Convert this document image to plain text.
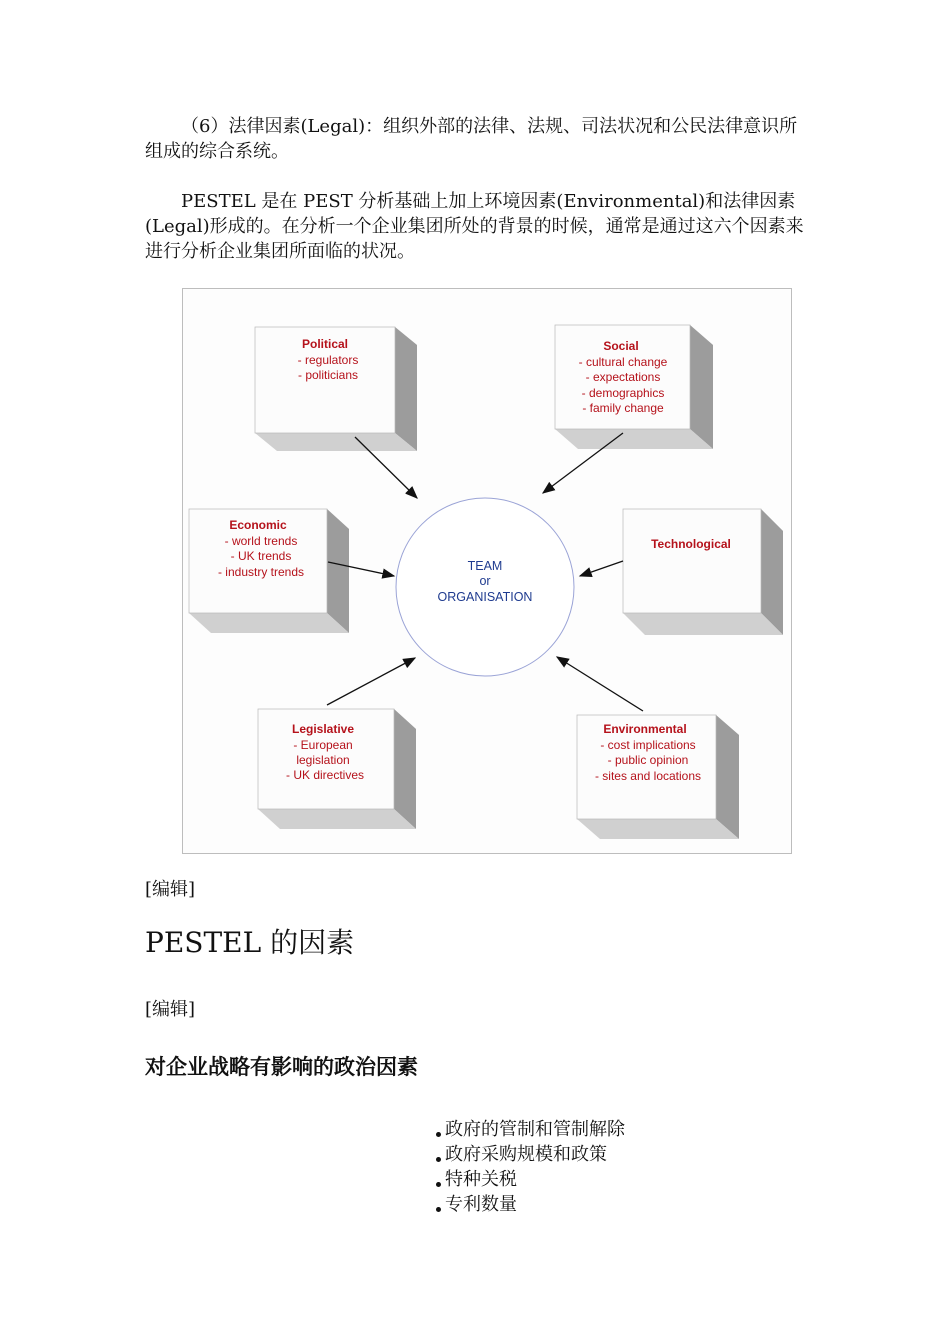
（6）法律因素(Legal)：组织外部的法律、法规、司法状况和公民法律意识所组成的综合系统。

PESTEL 是在 PEST 分析基础上加上环境因素(Environmental)和法律因素(Legal)形成的。在分析一个企业集团所处的背景的时候，通常是通过这六个因素来进行分析企业集团所面临的状况。

Political
- regulators
- politicians
Social
- cultural change
- expectations
- demographics
- family change
Economic
- world trends
- UK trends
- industry trends
Technological
Legislative
- European
legislation
- UK directives
Environmental
- cost implications
- public opinion
- sites and locations
TEAM
or
ORGANISATION
[编辑]
PESTEL 的因素
[编辑]
对企业战略有影响的政治因素
政府的管制和管制解除
政府采购规模和政策
特种关税
专利数量
